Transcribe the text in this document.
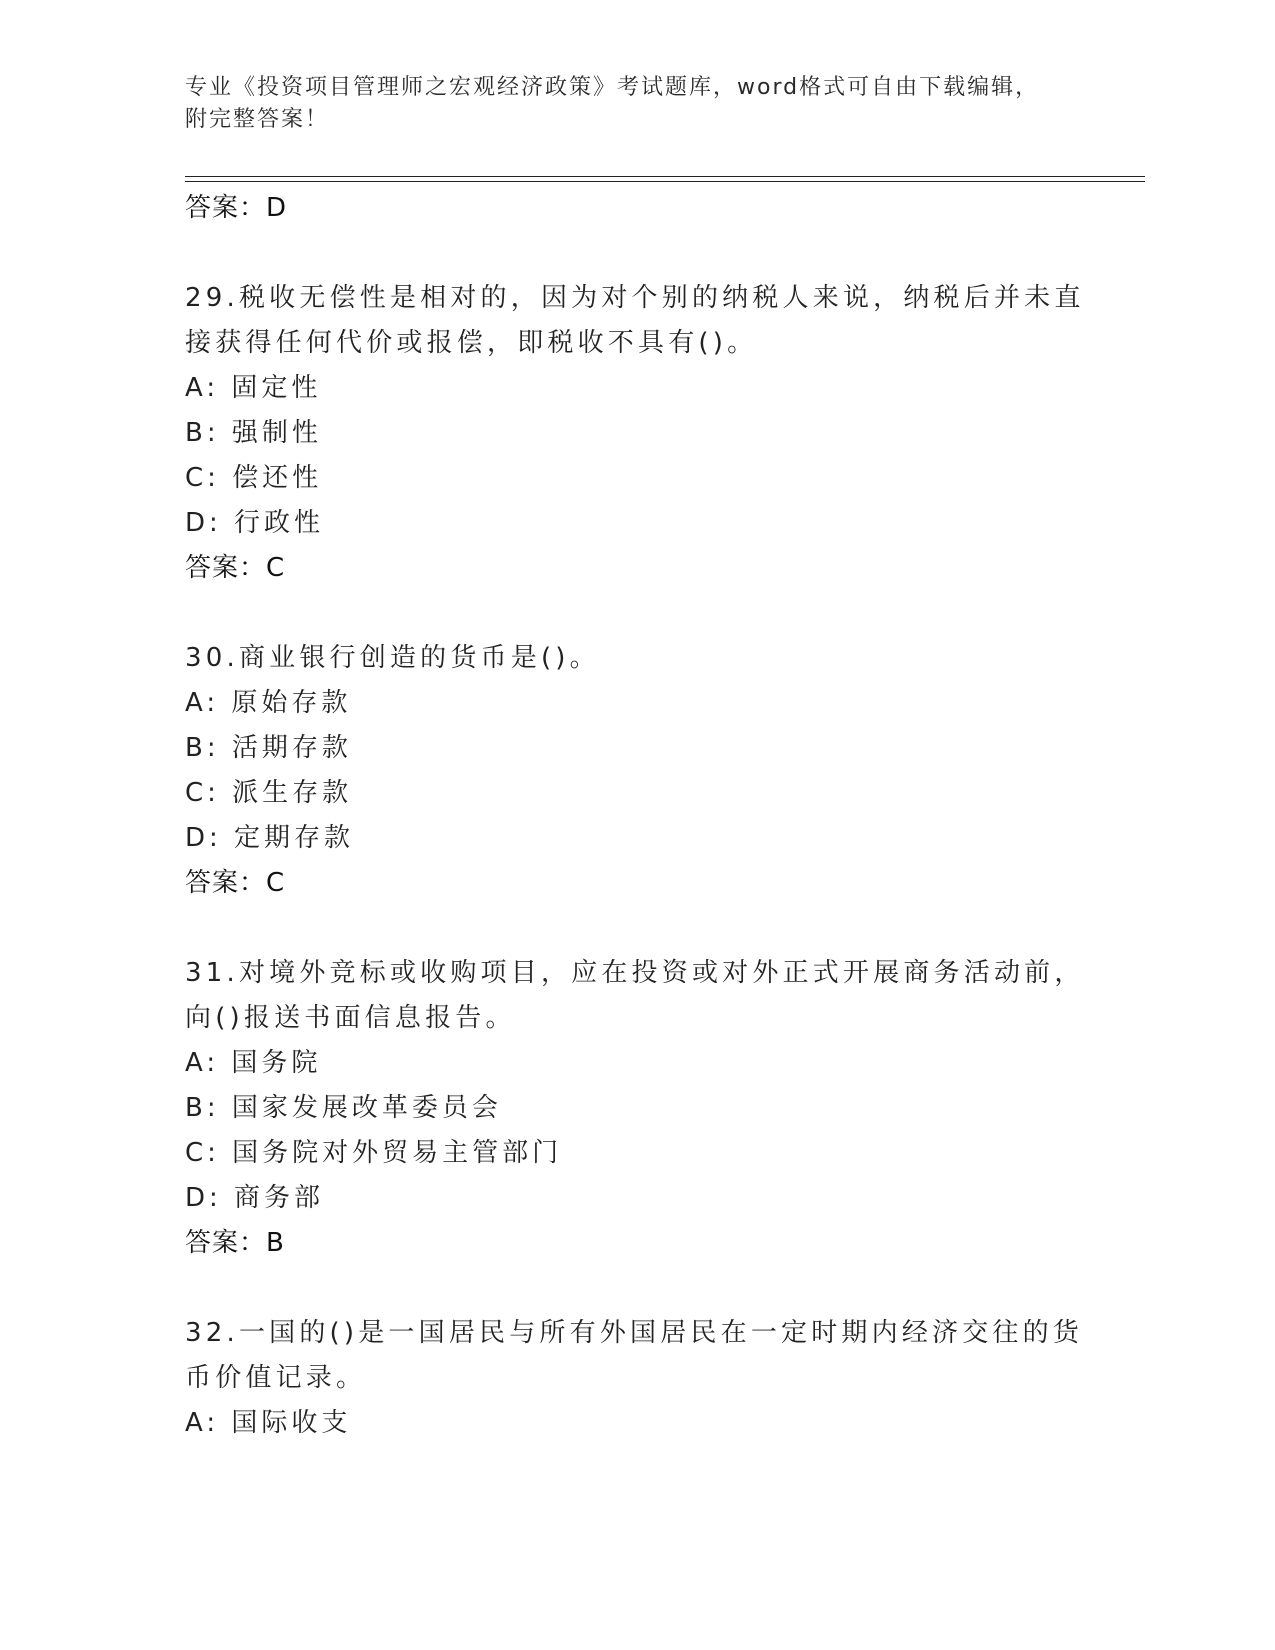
专业《投资项目管理师之宏观经济政策》考试题库，word格式可自由下载编辑，
附完整答案！
答案：D
29.税收无偿性是相对的，因为对个别的纳税人来说，纳税后并未直接获得任何代价或报偿，即税收不具有()。
A: 固定性
B: 强制性
C: 偿还性
D: 行政性
答案：C
30.商业银行创造的货币是()。
A: 原始存款
B: 活期存款
C: 派生存款
D: 定期存款
答案：C
31.对境外竞标或收购项目，应在投资或对外正式开展商务活动前，向()报送书面信息报告。
A: 国务院
B: 国家发展改革委员会
C: 国务院对外贸易主管部门
D: 商务部
答案：B
32.一国的()是一国居民与所有外国居民在一定时期内经济交往的货币价值记录。
A: 国际收支
